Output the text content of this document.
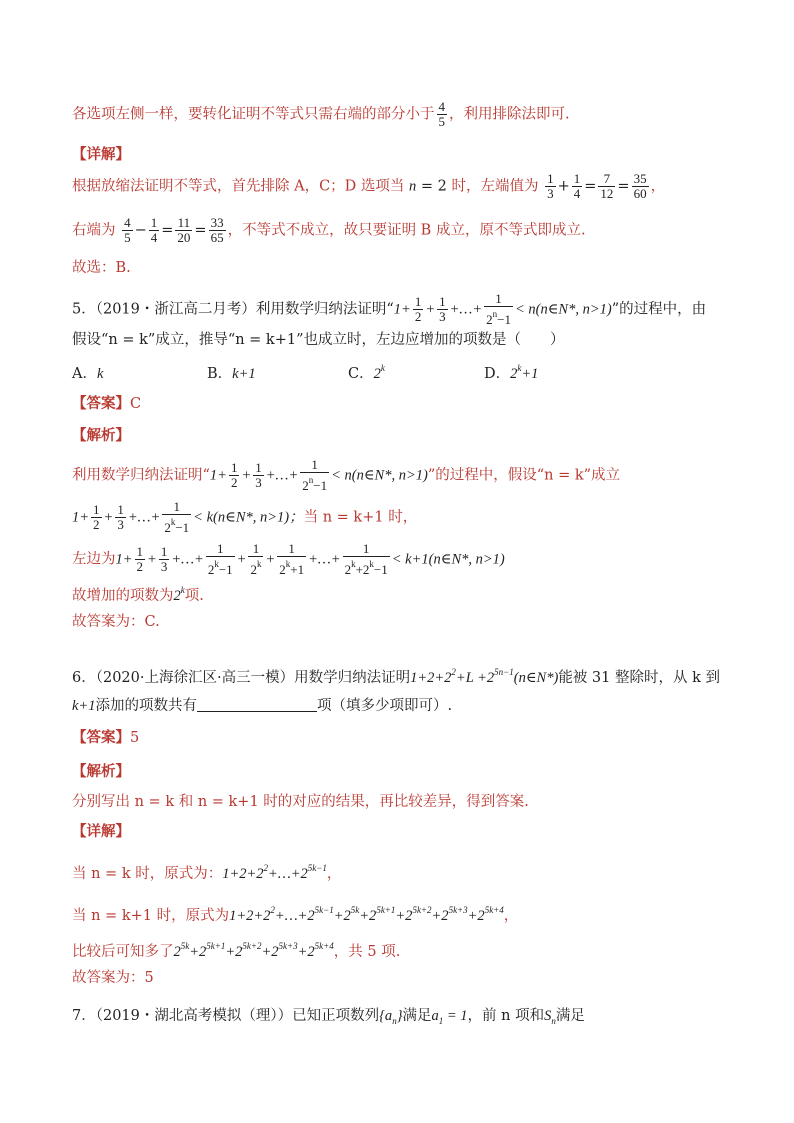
各选项左侧一样，要转化证明不等式只需右端的部分小于 $\frac{4}{5}$ ，利用排除法即可.
【详解】
根据放缩法证明不等式，首先排除 A，C；D 选项当 n = 2 时，左端值为 $\frac{1}{3} + \frac{1}{4} = \frac{7}{12} = \frac{35}{60}$ ，
右端为 $\frac{4}{5} - \frac{1}{4} = \frac{11}{20} = \frac{33}{65}$ ，不等式不成立，故只要证明 B 成立，原不等式即成立.
故选：B.
5．（2019・浙江高二月考）利用数学归纳法证明“$1+ \frac{1}{2} + \frac{1}{3}$ +…+ $\frac{1}{2^n-1}$ < n(n∈N*, n>1)”的过程中，由
假设“n = k”成立，推导“n = k+1”也成立时，左边应增加的项数是（　　）
A．k	B．k+1	C．2$^k$	D．$2^k+1$
【答案】C
【解析】
利用数学归纳法证明“$1+ \frac{1}{2} + \frac{1}{3}$ +…+ $\frac{1}{2^n-1}$ < n(n∈N*, n>1)”的过程中，假设“n = k”成立
$1+ \frac{1}{2} + \frac{1}{3}$ +…+ $\frac{1}{2^k-1}$ < k(n∈N*, n>1)；当 n = k+1 时，
左边为$1+ \frac{1}{2} + \frac{1}{3}$ +…+ $\frac{1}{2^k-1} + \frac{1}{2^k} + \frac{1}{2^k+1}$ +…+ $\frac{1}{2^k+2^k-1}$ < k+1(n∈N*, n>1)
故增加的项数为2$^k$项.
故答案为：C.
6．（2020·上海徐汇区·高三一模）用数学归纳法证明$1+2+2^2+L$ $+2^{5n-1}(n\in N*)$能被 31 整除时，从 k 到
k+1添加的项数共有	项（填多少项即可）.
【答案】5
【解析】
分别写出 n = k 和 n = k+1 时的对应的结果，再比较差异，得到答案.
【详解】
当 n = k 时，原式为：$1+2+2^2+\dots+2^{5k-1}$，
当 n = k+1 时，原式为$1+2+2^2+\dots+2^{5k-1}+2^{5k}+2^{5k+1}+2^{5k+2}+2^{5k+3}+2^{5k+4}$，
比较后可知多了$2^{5k}+2^{5k+1}+2^{5k+2}+2^{5k+3}+2^{5k+4}$，共 5 项.
故答案为：5
7．（2019・湖北高考模拟（理））已知正项数列$\{a_n\}$满足$a_1 = 1$，前 n 项和$S_n$满足
